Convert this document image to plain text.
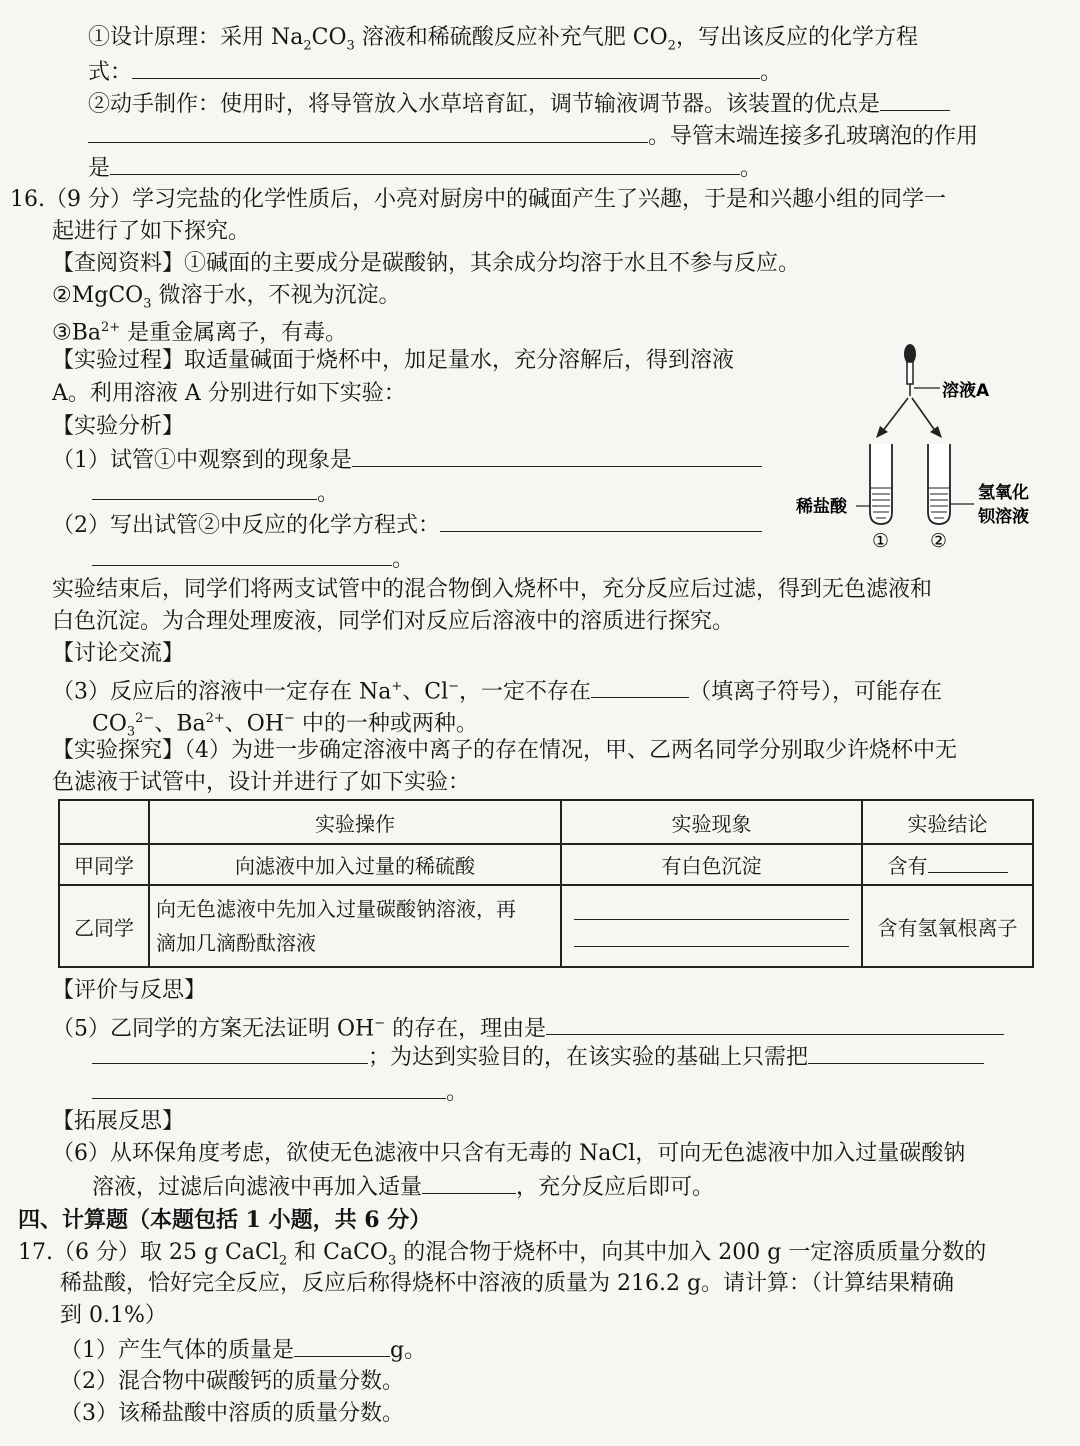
①设计原理：采用 $Na_2CO_3$ 溶液和稀硫酸反应补充气肥 $CO_2$，写出该反应的化学方程
式：	。
②动手制作：使用时，将导管放入水草培育缸，调节输液调节器。该装置的优点是
。导管末端连接多孔玻璃泡的作用
是	。
16.（9 分）学习完盐的化学性质后，小亮对厨房中的碱面产生了兴趣，于是和兴趣小组的同学一
起进行了如下探究。
【查阅资料】①碱面的主要成分是碳酸钠，其余成分均溶于水且不参与反应。
②MgCO$_3$ 微溶于水，不视为沉淀。
$③Ba^{2+}$ 是重金属离子，有毒。
【实验过程】取适量碱面于烧杯中，加足量水，充分溶解后，得到溶液
A。利用溶液 A 分别进行如下实验：
【实验分析】
（1）试管①中观察到的现象是
。
（2）写出试管②中反应的化学方程式：
。
溶液A
稀盐酸
氢氧化
钡溶液
① ②
实验结束后，同学们将两支试管中的混合物倒入烧杯中，充分反应后过滤，得到无色滤液和
白色沉淀。为合理处理废液，同学们对反应后溶液中的溶质进行探究。
【讨论交流】
（3）反应后的溶液中一定存在 Na+、Cl−，一定不存在	（填离子符号），可能存在
$CO_3^{2-}$、$Ba^{2+}$、OH− 中的一种或两种。
【实验探究】（4）为进一步确定溶液中离子的存在情况，甲、乙两名同学分别取少许烧杯中无
色滤液于试管中，设计并进行了如下实验：
	实验操作	实验现象	实验结论
甲同学	向滤液中加入过量的稀硫酸	有白色沉淀	含有
乙同学	向无色滤液中先加入过量碳酸钠溶液，再
滴加几滴酚酞溶液		含有氢氧根离子
【评价与反思】
（5）乙同学的方案无法证明 OH− 的存在，理由是
；为达到实验目的，在该实验的基础上只需把
。
【拓展反思】
（6）从环保角度考虑，欲使无色滤液中只含有无毒的 NaCl，可向无色滤液中加入过量碳酸钠
溶液，过滤后向滤液中再加入适量	，充分反应后即可。
四、计算题（本题包括 1 小题，共 6 分）
17.（6 分）取 25 g CaCl$_2$ 和 CaCO$_3$ 的混合物于烧杯中，向其中加入 200 g 一定溶质质量分数的
稀盐酸，恰好完全反应，反应后称得烧杯中溶液的质量为 216.2 g。请计算：（计算结果精确
到 0.1%）
（1）产生气体的质量是	g。
（2）混合物中碳酸钙的质量分数。
（3）该稀盐酸中溶质的质量分数。
